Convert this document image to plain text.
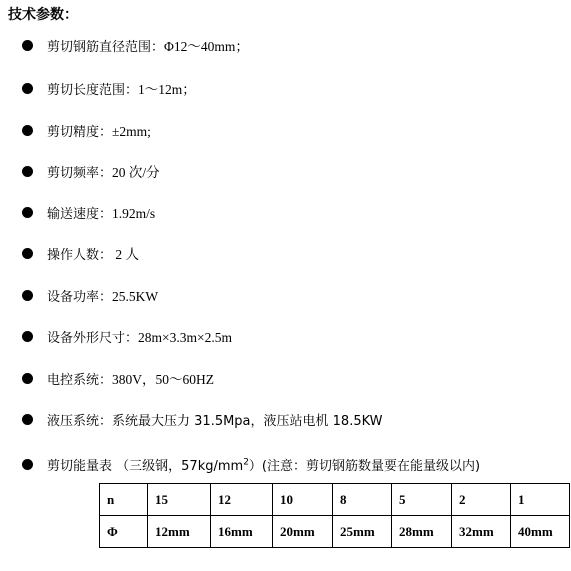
技术参数：
剪切钢筋直径范围：Φ12～40mm；
剪切长度范围：1～12m；
剪切精度：±2mm;
剪切频率：20 次/分
输送速度：1.92m/s
操作人数： 2 人
设备功率：25.5KW
设备外形尺寸：28m×3.3m×2.5m
电控系统：380V，50～60HZ
液压系统：系统最大压力 31.5Mpa，液压站电机 18.5KW
剪切能量表 （三级钢，$57kg/mm^2$）(注意：剪切钢筋数量要在能量级以内)
n	15	12	10	8	5	2	1
Φ	12mm	16mm	20mm	25mm	28mm	32mm	40mm
